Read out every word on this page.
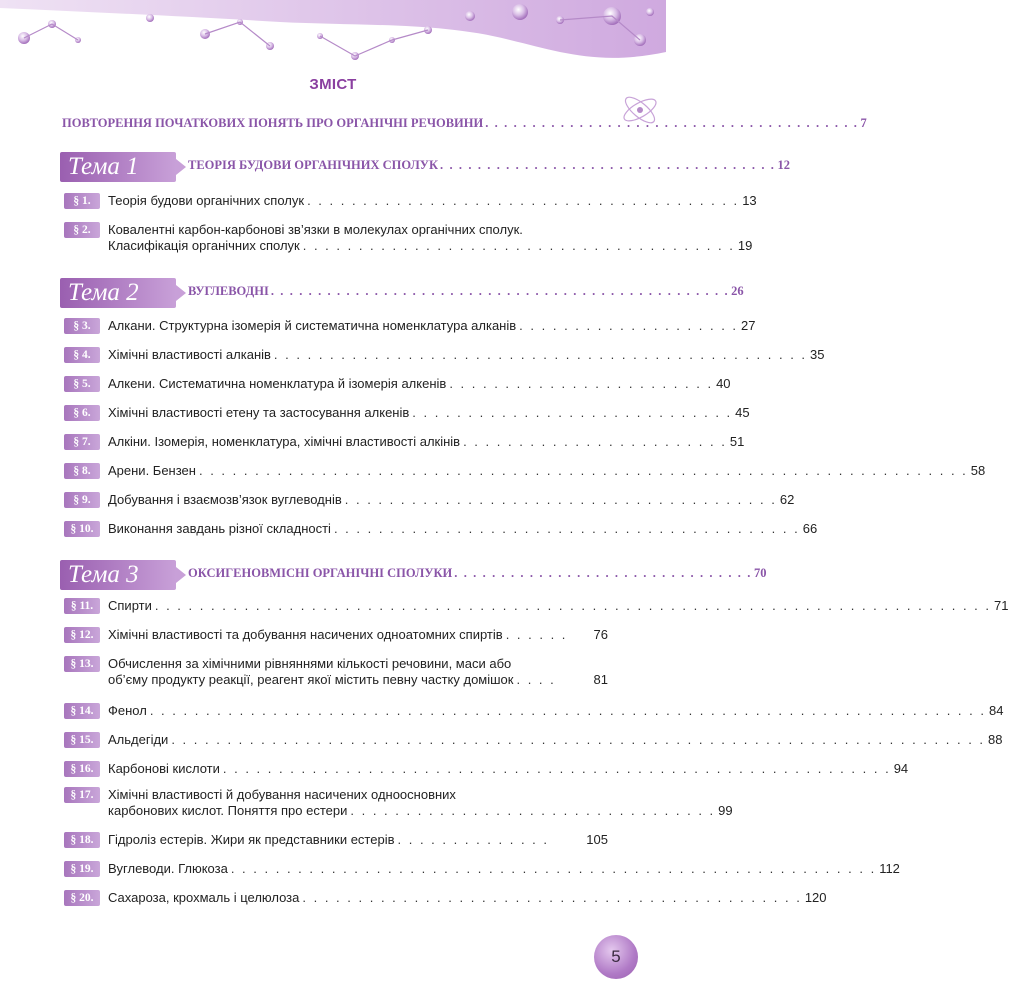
ЗМІСТ
ПОВТОРЕННЯ ПОЧАТКОВИХ ПОНЯТЬ ПРО ОРГАНІЧНІ РЕЧОВИНИ . . . . . . . . . . . . . . . . . . . . . . . . . . . . . . . . . . . . . . . . 7
Тема 1	ТЕОРІЯ БУДОВИ ОРГАНІЧНИХ СПОЛУК . . . . . . . . . . . . . . . . . . . . . . . . . . . . . . . . . . . . 12
Тема 2	ВУГЛЕВОДНІ . . . . . . . . . . . . . . . . . . . . . . . . . . . . . . . . . . . . . . . . . . . . . . . . . 26
Тема 3	ОКСИГЕНОВМІСНІ ОРГАНІЧНІ СПОЛУКИ . . . . . . . . . . . . . . . . . . . . . . . . . . . . . . . . 70
§ 1.	Теорія будови органічних сполук . . . . . . . . . . . . . . . . . . . . . . . . . . . . . . . . . . . . . . . 13
§ 2.	Ковалентні карбон-карбонові зв’язки в молекулах органічних сполук.
Класифікація органічних сполук . . . . . . . . . . . . . . . . . . . . . . . . . . . . . . . . . . . . . . . 19
§ 3.	Алкани. Структурна ізомерія й систематична номенклатура алканів . . . . . . . . . . . . . . . . . . . . 27
§ 4.	Хімічні властивості алканів . . . . . . . . . . . . . . . . . . . . . . . . . . . . . . . . . . . . . . . . . . . . . . . . 35
§ 5.	Алкени. Систематична номенклатура й ізомерія алкенів . . . . . . . . . . . . . . . . . . . . . . . . 40
§ 6.	Хімічні властивості етену та застосування алкенів . . . . . . . . . . . . . . . . . . . . . . . . . . . . . 45
§ 7.	Алкіни. Ізомерія, номенклатура, хімічні властивості алкінів . . . . . . . . . . . . . . . . . . . . . . . . 51
§ 8.	Арени. Бензен . . . . . . . . . . . . . . . . . . . . . . . . . . . . . . . . . . . . . . . . . . . . . . . . . . . . . . . . . . . . . . . . . . . . . 58
§ 9.	Добування і взаємозв’язок вуглеводнів . . . . . . . . . . . . . . . . . . . . . . . . . . . . . . . . . . . . . . . 62
§ 10.	Виконання завдань різної складності . . . . . . . . . . . . . . . . . . . . . . . . . . . . . . . . . . . . . . . . . . 66
§ 11.	Спирти . . . . . . . . . . . . . . . . . . . . . . . . . . . . . . . . . . . . . . . . . . . . . . . . . . . . . . . . . . . . . . . . . . . . . . . . . . . 71
§ 12.	Хімічні властивості та добування насичених одноатомних спиртів . . . . . .	76
§ 13.	Обчислення за хімічними рівняннями кількості речовини, маси або
об’єму продукту реакції, реагент якої містить певну частку домішок . . . .	81
§ 14.	Фенол . . . . . . . . . . . . . . . . . . . . . . . . . . . . . . . . . . . . . . . . . . . . . . . . . . . . . . . . . . . . . . . . . . . . . . . . . . . 84
§ 15.	Альдегіди . . . . . . . . . . . . . . . . . . . . . . . . . . . . . . . . . . . . . . . . . . . . . . . . . . . . . . . . . . . . . . . . . . . . . . . . . 88
§ 16.	Карбонові кислоти . . . . . . . . . . . . . . . . . . . . . . . . . . . . . . . . . . . . . . . . . . . . . . . . . . . . . . . . . . . . 94
§ 17.	Хімічні властивості й добування насичених одноосновних
карбонових кислот. Поняття про естери . . . . . . . . . . . . . . . . . . . . . . . . . . . . . . . . . 99
§ 18.	Гідроліз естерів. Жири як представники естерів . . . . . . . . . . . . . .	105
§ 19.	Вуглеводи. Глюкоза . . . . . . . . . . . . . . . . . . . . . . . . . . . . . . . . . . . . . . . . . . . . . . . . . . . . . . . . . . 112
§ 20.	Сахароза, крохмаль і целюлоза . . . . . . . . . . . . . . . . . . . . . . . . . . . . . . . . . . . . . . . . . . . . . 120
5
